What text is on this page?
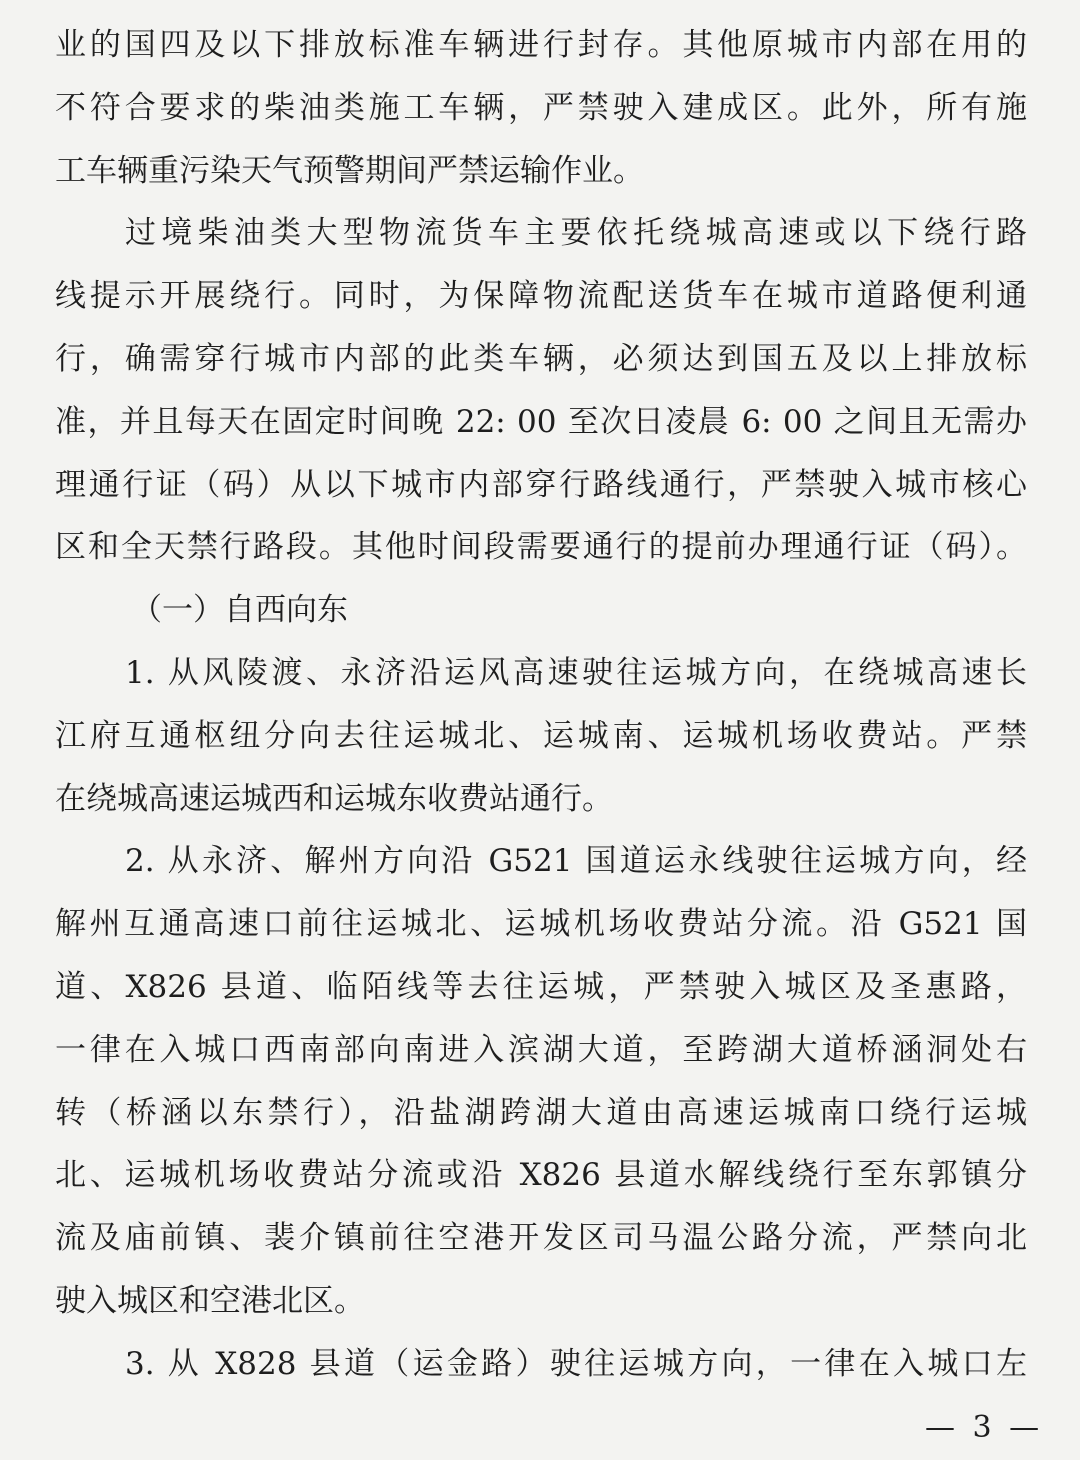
业的国四及以下排放标准车辆进行封存。其他原城市内部在用的
不符合要求的柴油类施工车辆，严禁驶入建成区。此外，所有施
工车辆重污染天气预警期间严禁运输作业。
过境柴油类大型物流货车主要依托绕城高速或以下绕行路
线提示开展绕行。同时，为保障物流配送货车在城市道路便利通
行，确需穿行城市内部的此类车辆，必须达到国五及以上排放标
准，并且每天在固定时间晚 22: 00 至次日凌晨 6: 00 之间且无需办
理通行证（码）从以下城市内部穿行路线通行，严禁驶入城市核心
区和全天禁行路段。其他时间段需要通行的提前办理通行证（码）。
（一）自西向东
1. 从风陵渡、永济沿运风高速驶往运城方向，在绕城高速长
江府互通枢纽分向去往运城北、运城南、运城机场收费站。严禁
在绕城高速运城西和运城东收费站通行。
2. 从永济、解州方向沿 G521 国道运永线驶往运城方向，经
解州互通高速口前往运城北、运城机场收费站分流。沿 G521 国
道、X826 县道、临陌线等去往运城，严禁驶入城区及圣惠路，
一律在入城口西南部向南进入滨湖大道，至跨湖大道桥涵洞处右
转（桥涵以东禁行），沿盐湖跨湖大道由高速运城南口绕行运城
北、运城机场收费站分流或沿 X826 县道水解线绕行至东郭镇分
流及庙前镇、裴介镇前往空港开发区司马温公路分流，严禁向北
驶入城区和空港北区。
3. 从 X828 县道（运金路）驶往运城方向，一律在入城口左
— 3 —
